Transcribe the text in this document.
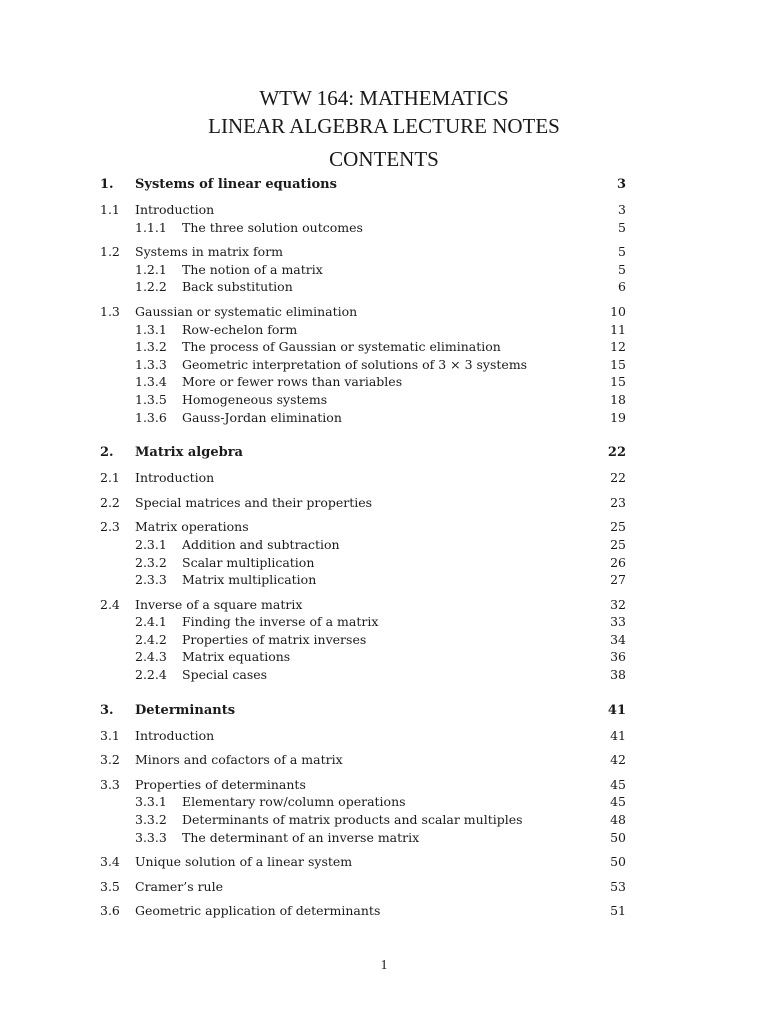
WTW 164: MATHEMATICS
LINEAR ALGEBRA LECTURE NOTES
CONTENTS
1. Systems of linear equations	3
1.1 Introduction	3
1.1.1 The three solution outcomes	5
1.2 Systems in matrix form	5
1.2.1 The notion of a matrix	5
1.2.2 Back substitution	6
1.3 Gaussian or systematic elimination	10
1.3.1 Row-echelon form	11
1.3.2 The process of Gaussian or systematic elimination	12
1.3.3 Geometric interpretation of solutions of 3 × 3 systems	15
1.3.4 More or fewer rows than variables	15
1.3.5 Homogeneous systems	18
1.3.6 Gauss-Jordan elimination	19
2. Matrix algebra	22
2.1 Introduction	22
2.2 Special matrices and their properties	23
2.3 Matrix operations	25
2.3.1 Addition and subtraction	25
2.3.2 Scalar multiplication	26
2.3.3 Matrix multiplication	27
2.4 Inverse of a square matrix	32
2.4.1 Finding the inverse of a matrix	33
2.4.2 Properties of matrix inverses	34
2.4.3 Matrix equations	36
2.2.4 Special cases	38
3. Determinants	41
3.1 Introduction	41
3.2 Minors and cofactors of a matrix	42
3.3 Properties of determinants	45
3.3.1 Elementary row/column operations	45
3.3.2 Determinants of matrix products and scalar multiples	48
3.3.3 The determinant of an inverse matrix	50
3.4 Unique solution of a linear system	50
3.5 Cramer’s rule	53
3.6 Geometric application of determinants	51
1
